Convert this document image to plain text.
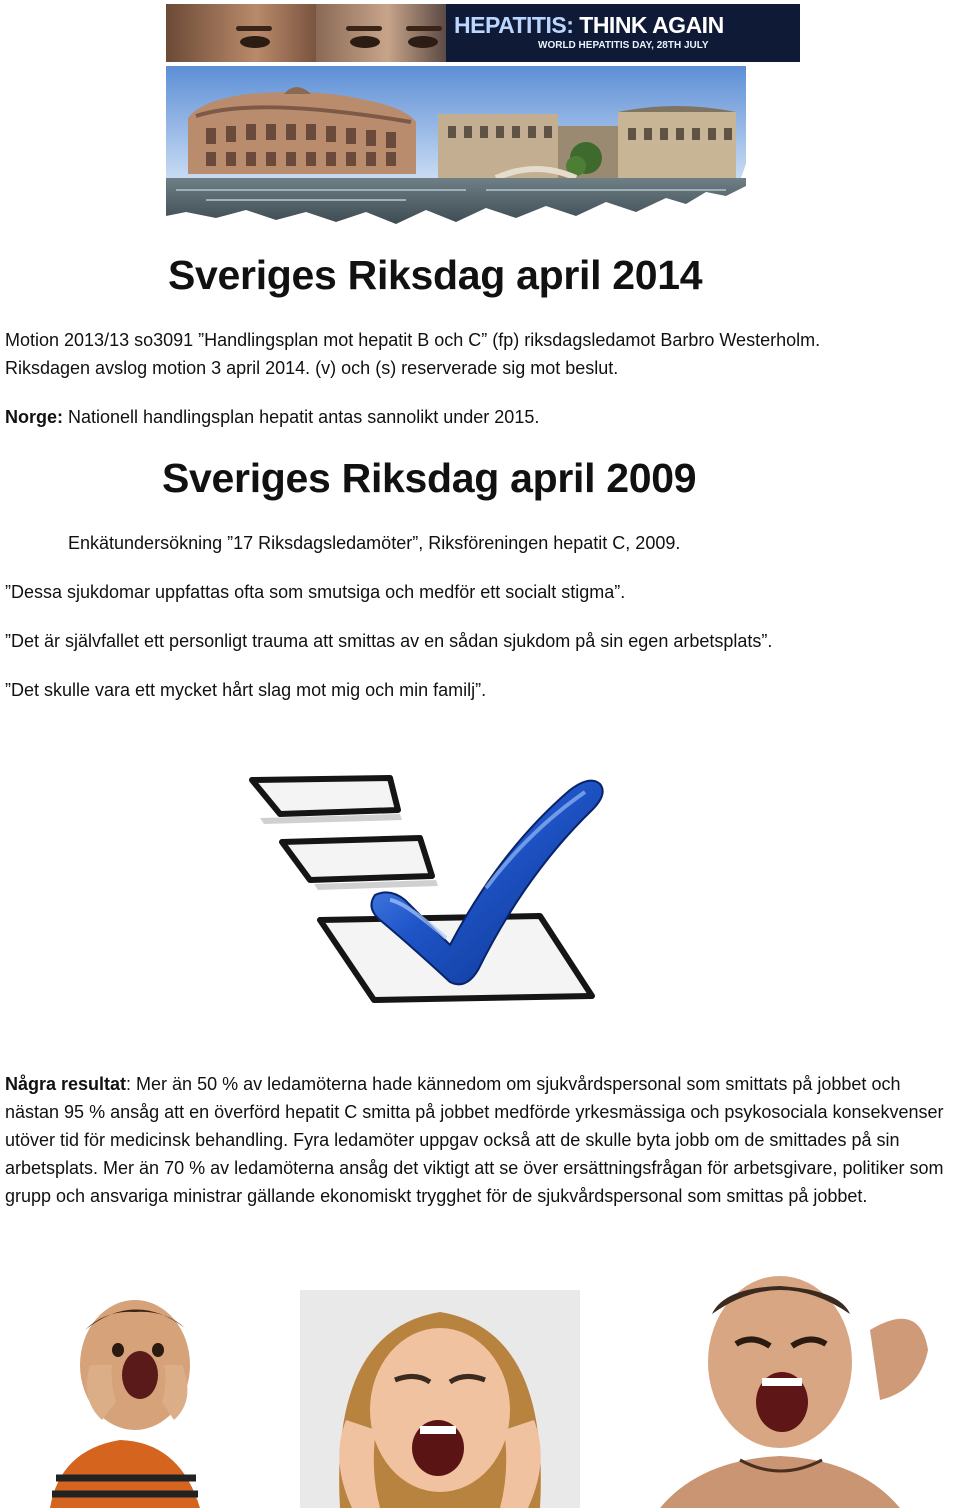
HEPATITIS: THINK AGAIN
WORLD HEPATITIS DAY, 28TH JULY
Sveriges Riksdag april 2014
Motion 2013/13 so3091 ”Handlingsplan mot hepatit B och C” (fp) riksdagsledamot Barbro Westerholm.
Riksdagen avslog motion 3 april 2014. (v) och (s) reserverade sig mot beslut.
Norge: Nationell handlingsplan hepatit antas sannolikt under 2015.
Sveriges Riksdag april 2009
Enkätundersökning ”17 Riksdagsledamöter”, Riksföreningen hepatit C, 2009.
”Dessa sjukdomar uppfattas ofta som smutsiga och medför ett socialt stigma”.
”Det är självfallet ett personligt trauma att smittas av en sådan sjukdom på sin egen arbetsplats”.
”Det skulle vara ett mycket hårt slag mot mig och min familj”.
Några resultat: Mer än 50 % av ledamöterna hade kännedom om sjukvårdspersonal som smittats på jobbet och nästan 95 % ansåg att en överförd hepatit C smitta på jobbet medförde yrkesmässiga och psykosociala konsekvenser utöver tid för medicinsk behandling. Fyra ledamöter uppgav också att de skulle byta jobb om de smittades på sin arbetsplats. Mer än 70 % av ledamöterna ansåg det viktigt att se över ersättningsfrågan för arbetsgivare, politiker som grupp och ansvariga ministrar gällande ekonomiskt trygghet för de sjukvårdspersonal som smittas på jobbet.
